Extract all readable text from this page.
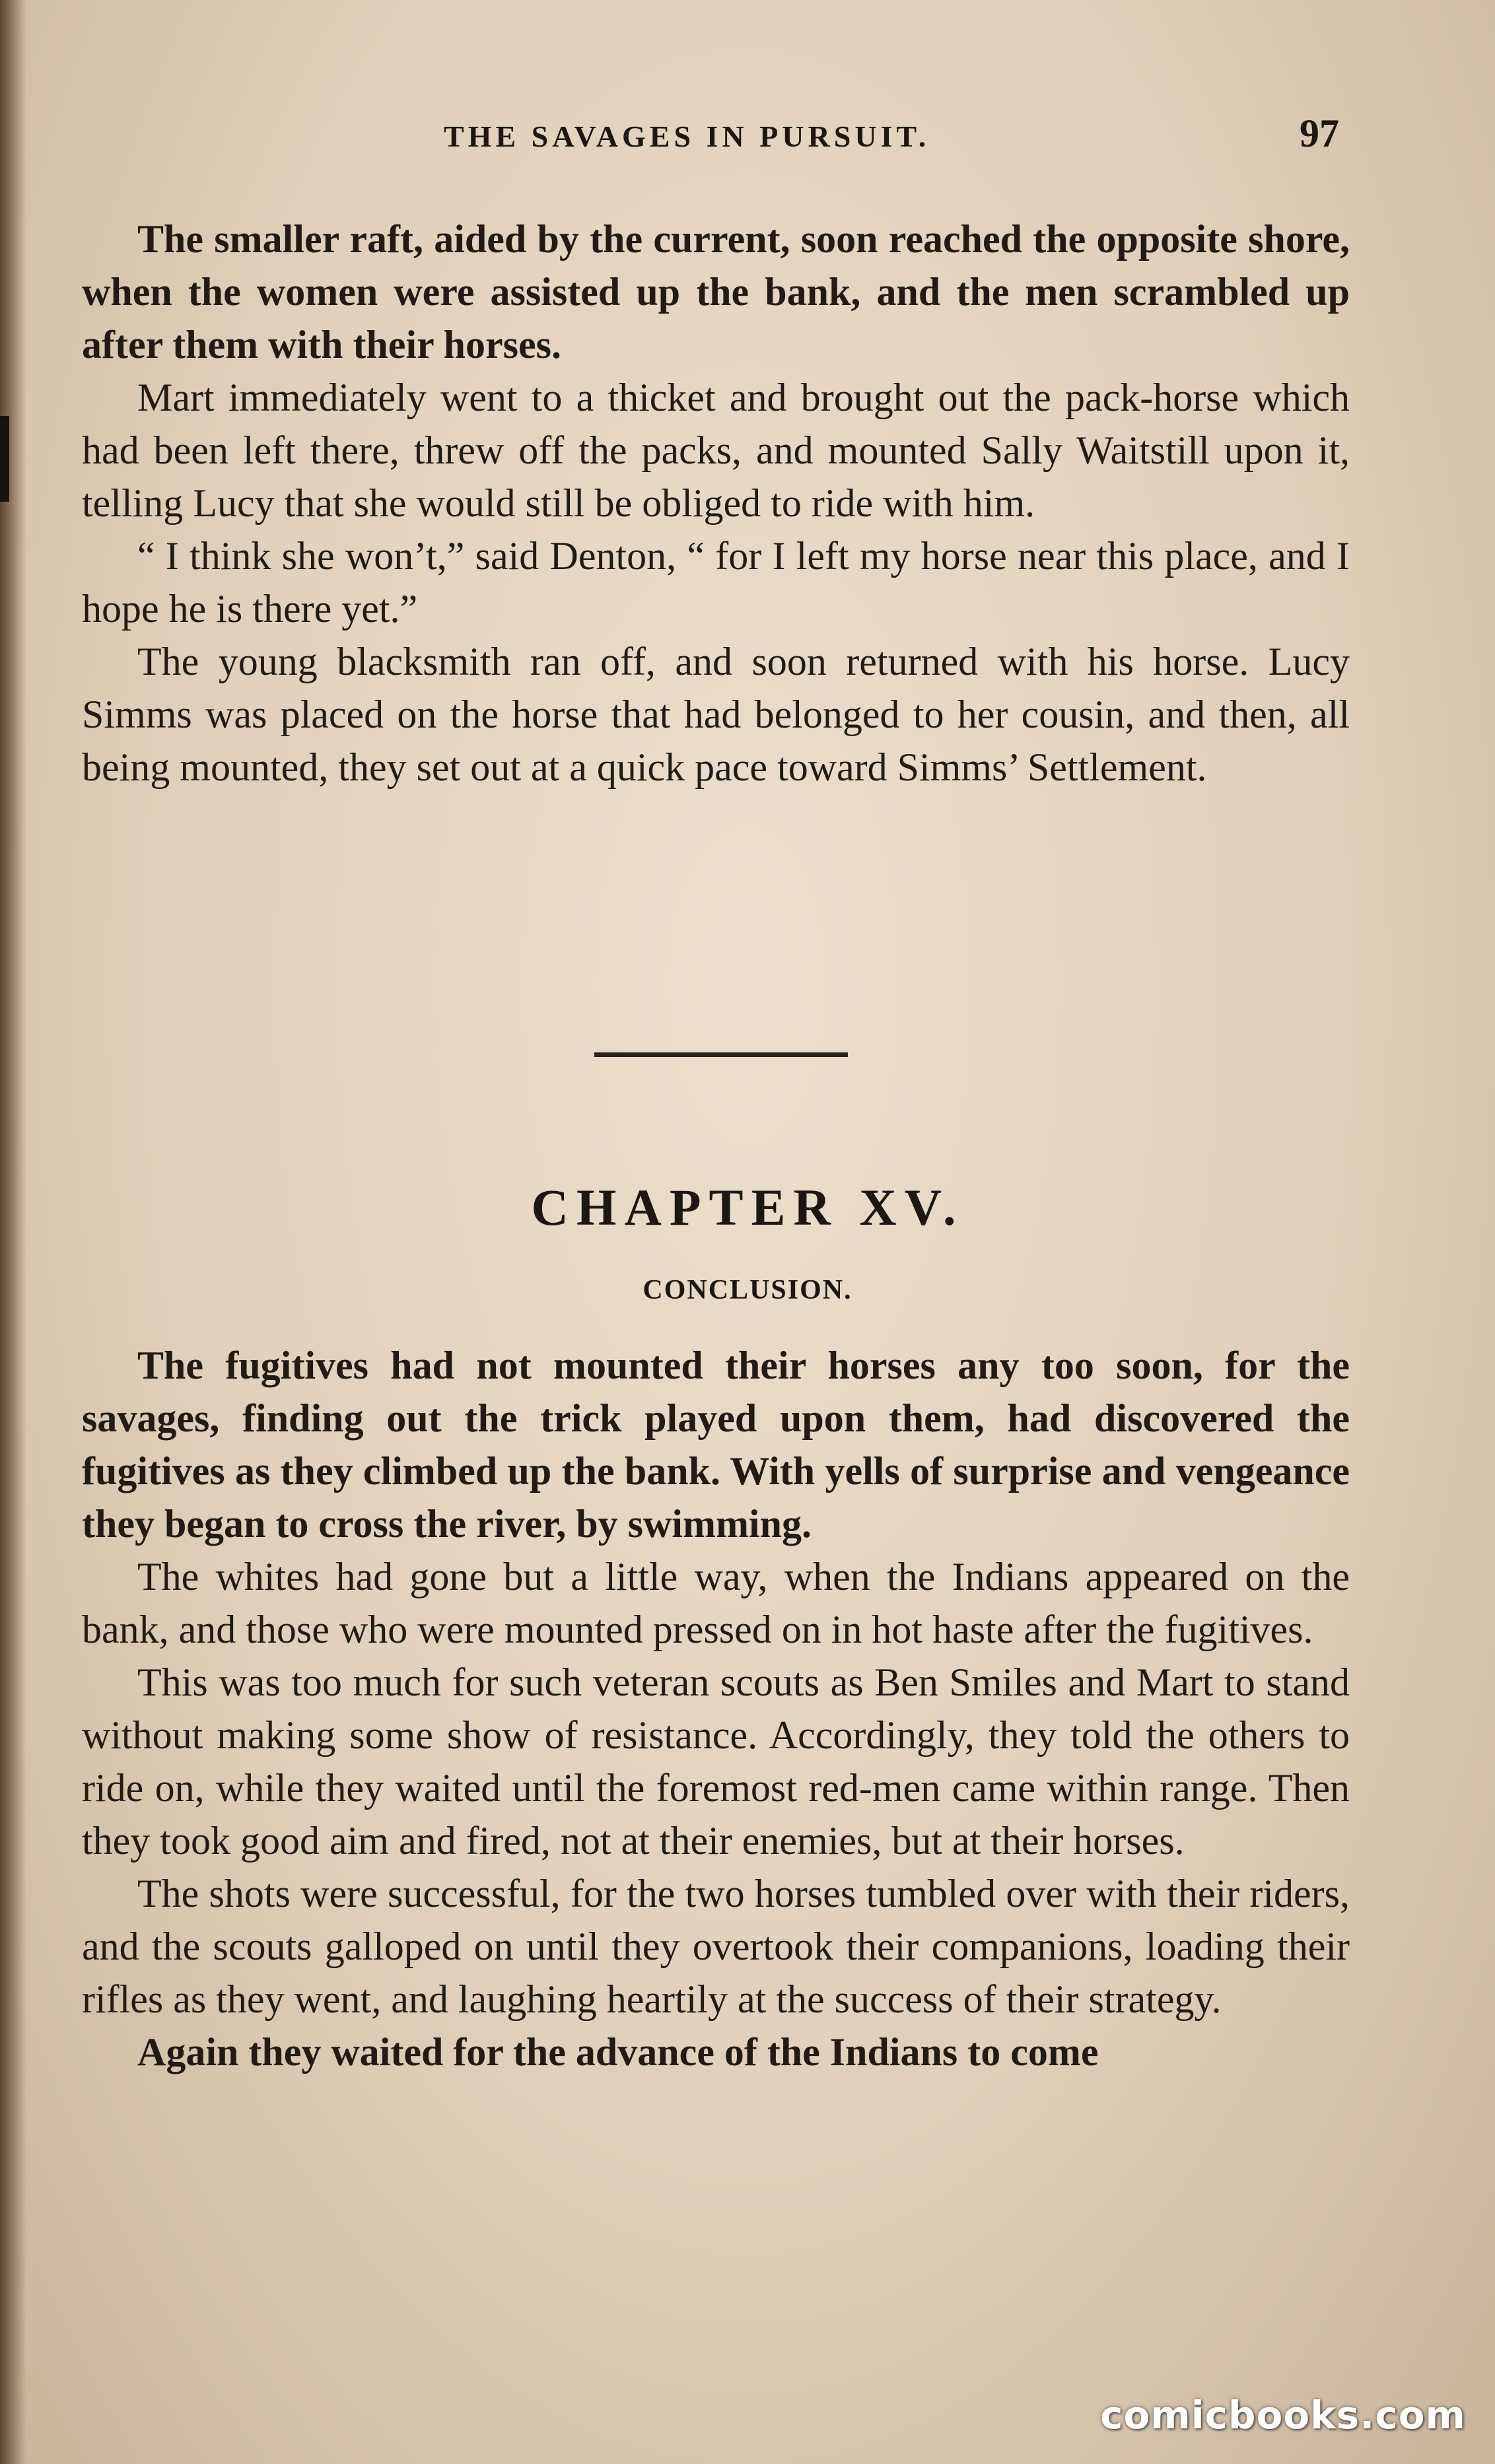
THE SAVAGES IN PURSUIT.	97

The smaller raft, aided by the current, soon reached the opposite shore, when the women were assisted up the bank, and the men scrambled up after them with their horses.

Mart immediately went to a thicket and brought out the pack-horse which had been left there, threw off the packs, and mounted Sally Waitstill upon it, telling Lucy that she would still be obliged to ride with him.

“ I think she won’t,” said Denton, “ for I left my horse near this place, and I hope he is there yet.”

The young blacksmith ran off, and soon returned with his horse. Lucy Simms was placed on the horse that had belonged to her cousin, and then, all being mounted, they set out at a quick pace toward Simms’ Settlement.

CHAPTER XV.
CONCLUSION.

The fugitives had not mounted their horses any too soon, for the savages, finding out the trick played upon them, had discovered the fugitives as they climbed up the bank. With yells of surprise and vengeance they began to cross the river, by swimming.

The whites had gone but a little way, when the Indians appeared on the bank, and those who were mounted pressed on in hot haste after the fugitives.

This was too much for such veteran scouts as Ben Smiles and Mart to stand without making some show of resistance. Accordingly, they told the others to ride on, while they waited until the foremost red-men came within range. Then they took good aim and fired, not at their enemies, but at their horses.

The shots were successful, for the two horses tumbled over with their riders, and the scouts galloped on until they overtook their companions, loading their rifles as they went, and laughing heartily at the success of their strategy.

Again they waited for the advance of the Indians to come

comicbooks.com
